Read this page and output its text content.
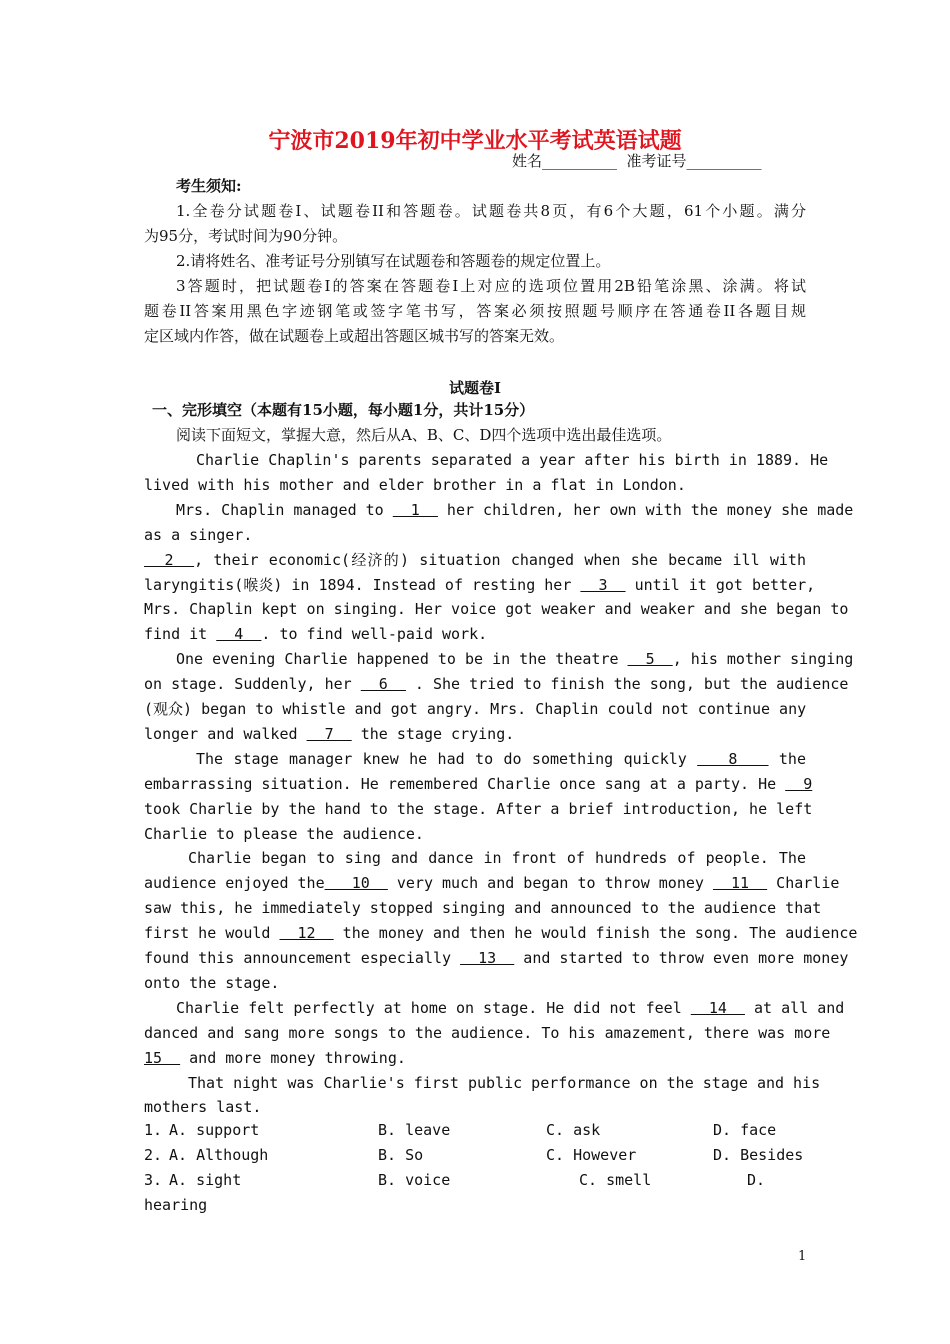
宁波市2019年初中学业水平考试英语试题
姓名__________  准考证号__________
考生须知:
1.全卷分试题卷I、试题卷II和答题卷。试题卷共8页，有6个大题，61个小题。满分
为95分，考试时间为90分钟。
2.请将姓名、准考证号分别镇写在试题卷和答题卷的规定位置上。
3答题时，把试题卷I的答案在答题卷I上对应的选项位置用2B铅笔涂黑、涂满。将试
题卷II答案用黑色字迹钢笔或签字笔书写，答案必须按照题号顺序在答通卷II各题目规
定区域内作答，做在试题卷上或超出答题区城书写的答案无效。
试题卷I
一、完形填空（本题有15小题，每小题1分，共计15分）
阅读下面短文，掌握大意，然后从A、B、C、D四个选项中选出最佳选项。
Charlie Chaplin's parents separated a year after his birth in 1889. He
lived with his mother and elder brother in a flat in London.
Mrs. Chaplin managed to   1   her children, her own with the money she made
as a singer.
2  , their economic(经济的) situation changed when she became ill with
laryngitis(喉炎) in 1894. Instead of resting her   3   until it got better,
Mrs. Chaplin kept on singing. Her voice got weaker and weaker and she began to
find it   4  . to find well-paid work.
One evening Charlie happened to be in the theatre   5  , his mother singing
on stage. Suddenly, her   6   . She tried to finish the song, but the audience
(观众) began to whistle and got angry. Mrs. Chaplin could not continue any
longer and walked   7   the stage crying.
The stage manager knew he had to do something quickly    8    the
embarrassing situation. He remembered Charlie once sang at a party. He   9
took Charlie by the hand to the stage. After a brief introduction, he left
Charlie to please the audience.
Charlie began to sing and dance in front of hundreds of people. The
audience enjoyed the   10   very much and began to throw money   11   Charlie
saw this, he immediately stopped singing and announced to the audience that
first he would   12   the money and then he would finish the song. The audience
found this announcement especially   13   and started to throw even more money
onto the stage.
Charlie felt perfectly at home on stage. He did not feel   14   at all and
danced and sang more songs to the audience. To his amazement, there was more
15   and more money throwing.
That night was Charlie's first public performance on the stage and his
mothers last.
1. A. support	B. leave	C. ask	D. face
2. A. Although	B. So	C. However	D. Besides
3. A. sight	B. voice	C. smell	D.
hearing
1
